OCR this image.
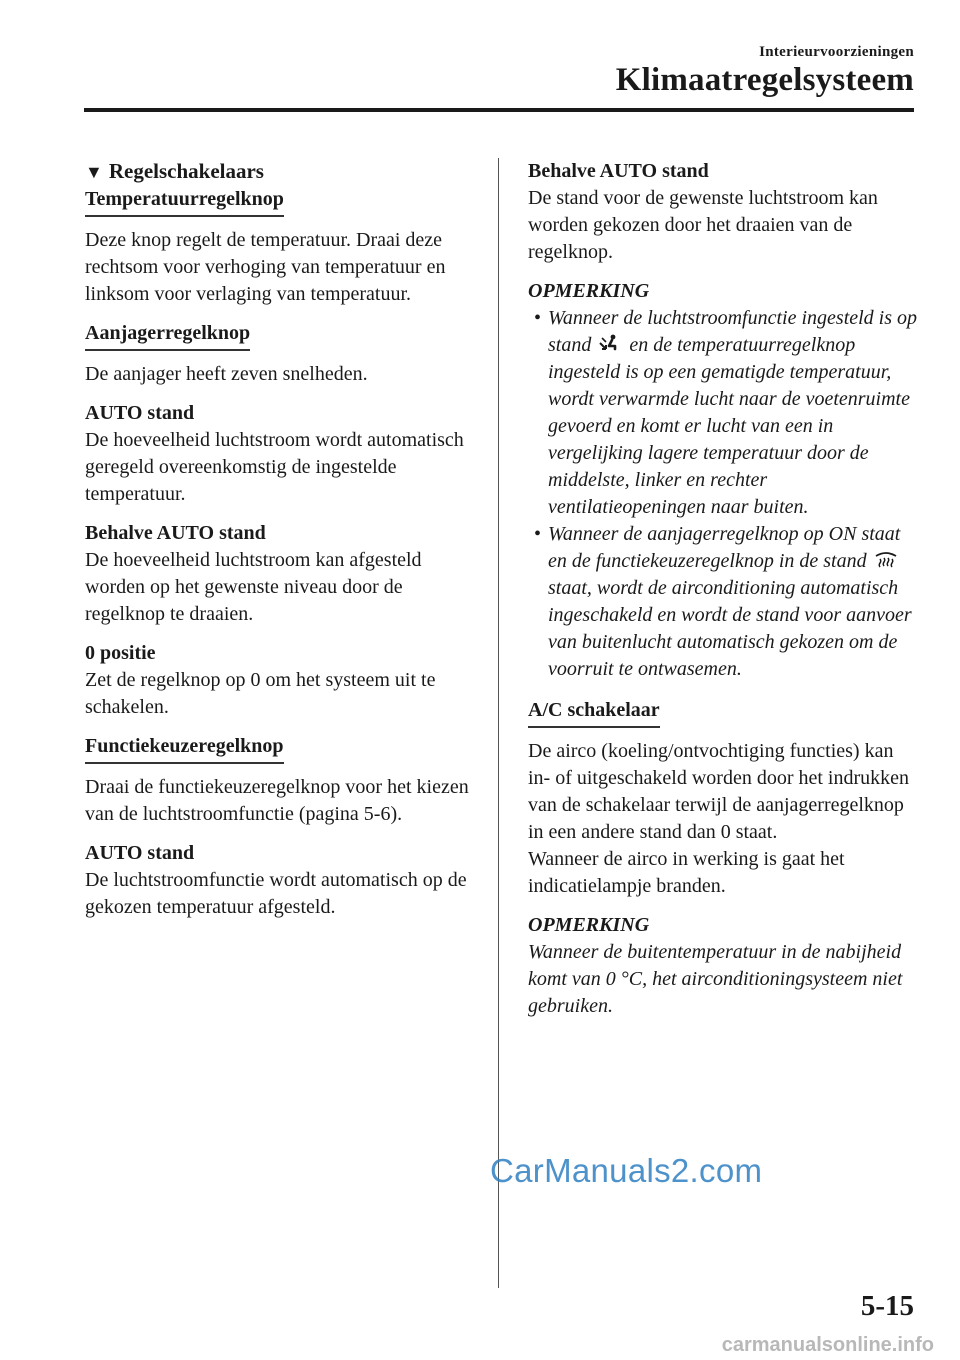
Interieurvoorzieningen
Klimaatregelsysteem

▼ Regelschakelaars

Temperatuurregelknop

Deze knop regelt de temperatuur. Draai deze rechtsom voor verhoging van temperatuur en linksom voor verlaging van temperatuur.

Aanjagerregelknop

De aanjager heeft zeven snelheden.

AUTO stand

De hoeveelheid luchtstroom wordt automatisch geregeld overeenkomstig de ingestelde temperatuur.

Behalve AUTO stand

De hoeveelheid luchtstroom kan afgesteld worden op het gewenste niveau door de regelknop te draaien.

0 positie

Zet de regelknop op 0 om het systeem uit te schakelen.

Functiekeuzeregelknop

Draai de functiekeuzeregelknop voor het kiezen van de luchtstroomfunctie (pagina 5-6).

AUTO stand

De luchtstroomfunctie wordt automatisch op de gekozen temperatuur afgesteld.

Behalve AUTO stand

De stand voor de gewenste luchtstroom kan worden gekozen door het draaien van de regelknop.

OPMERKING

• Wanneer de luchtstroomfunctie ingesteld is op stand en de temperatuurregelknop ingesteld is op een gematigde temperatuur, wordt verwarmde lucht naar de voetenruimte gevoerd en komt er lucht van een in vergelijking lagere temperatuur door de middelste, linker en rechter ventilatieopeningen naar buiten.
• Wanneer de aanjagerregelknop op ON staat en de functiekeuzeregelknop in de stand  staat, wordt de airconditioning automatisch ingeschakeld en wordt de stand voor aanvoer van buitenlucht automatisch gekozen om de voorruit te ontwasemen.
A/C schakelaar

De airco (koeling/ontvochtiging functies) kan in- of uitgeschakeld worden door het indrukken van de schakelaar terwijl de aanjagerregelknop in een andere stand dan 0 staat.

Wanneer de airco in werking is gaat het indicatielampje branden.

OPMERKING

Wanneer de buitentemperatuur in de nabijheid komt van 0 °C, het airconditioningsysteem niet gebruiken.

CarManuals2.com
5-15
carmanualsonline.info
